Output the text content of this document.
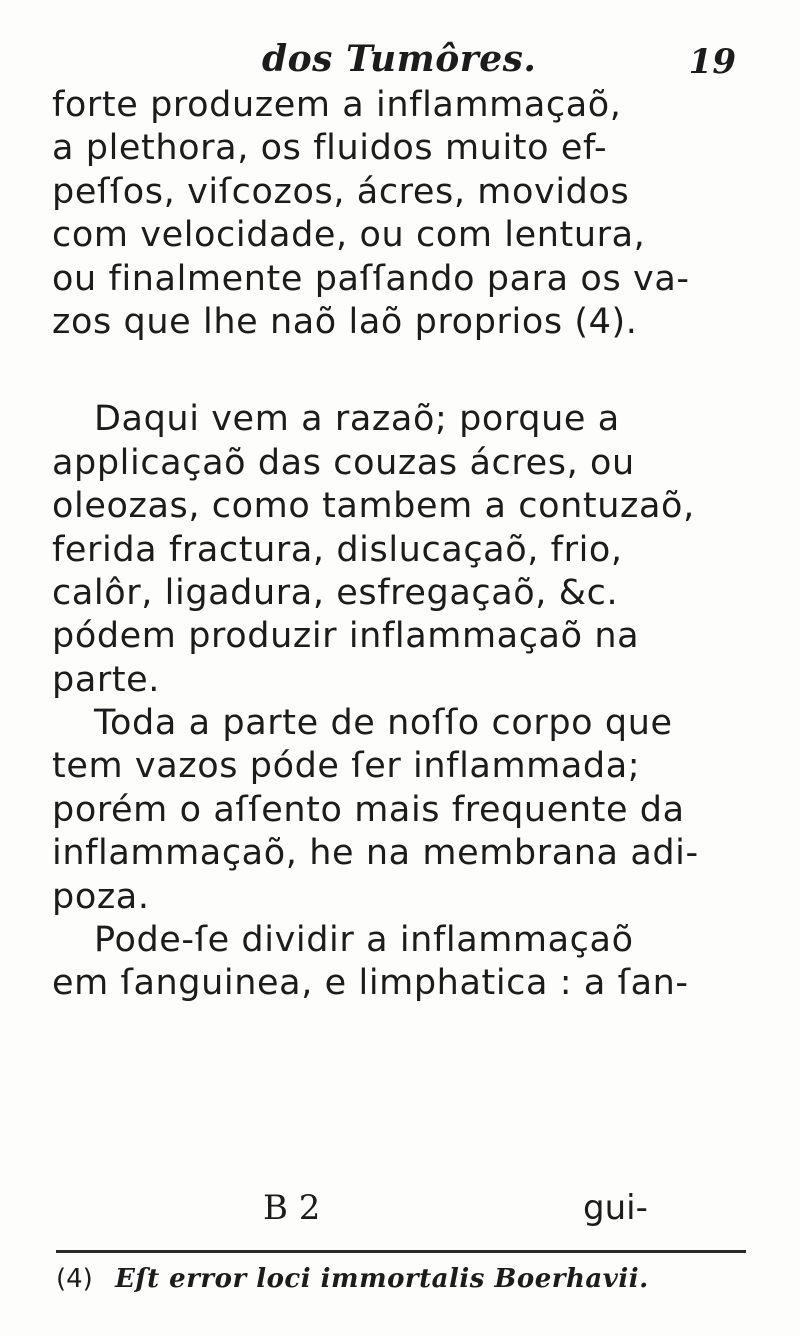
dos Tumôres.	19
forte produzem a inflammaçaõ,
a plethora, os fluidos muito ef-
peſſos, viſcozos, ácres, movidos
com velocidade, ou com lentura,
ou finalmente paſſando para os va-
zos que lhe naõ laõ proprios (4).
Daqui vem a razaõ; porque a
applicaçaõ das couzas ácres, ou
oleozas, como tambem a contuzaõ,
ferida fractura, dislucaçaõ, frio,
calôr, ligadura, esfregaçaõ, &c.
pódem produzir inflammaçaõ na
parte.
Toda a parte de noſſo corpo que
tem vazos póde ſer inflammada;
porém o aſſento mais frequente da
inflammaçaõ, he na membrana adi-
poza.
Pode-ſe dividir a inflammaçaõ
em ſanguinea, e limphatica : a ſan-
B 2	gui-
(4) Eſt error loci immortalis Boerhavii.
